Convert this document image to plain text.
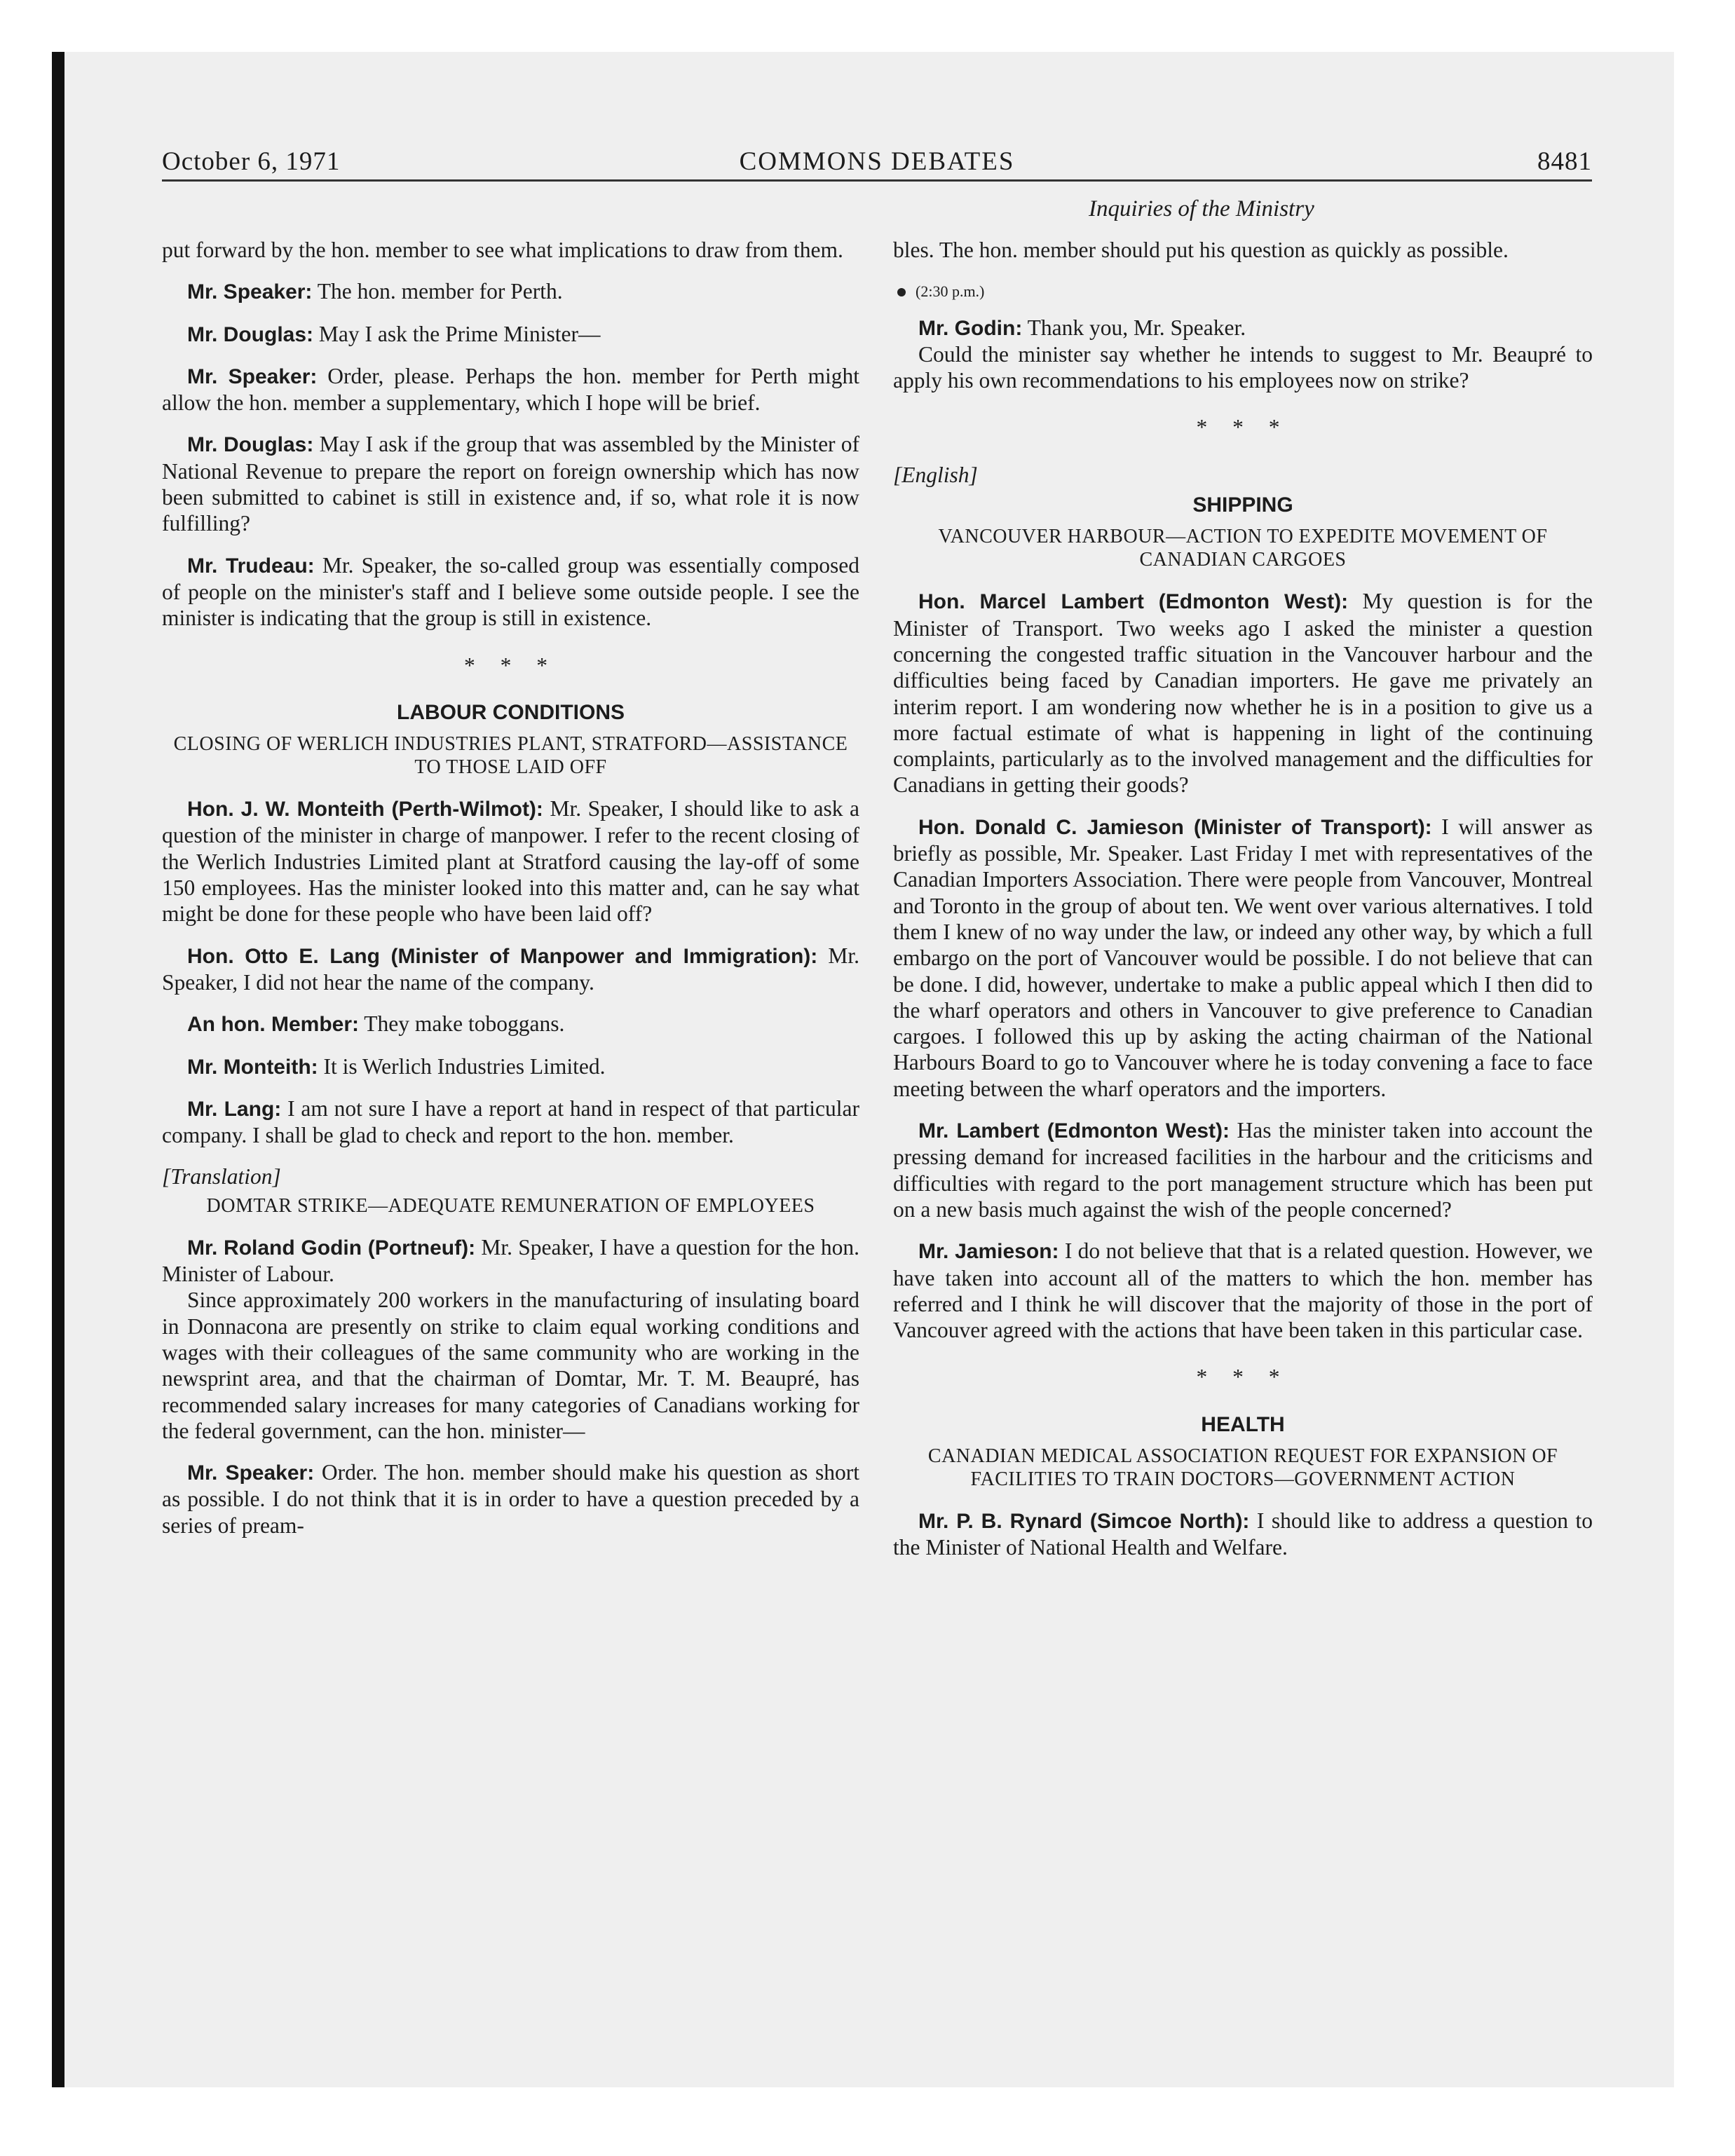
October 6, 1971	COMMONS DEBATES	8481
Inquiries of the Ministry

put forward by the hon. member to see what implications to draw from them.

Mr. Speaker: The hon. member for Perth.

Mr. Douglas: May I ask the Prime Minister—

Mr. Speaker: Order, please. Perhaps the hon. member for Perth might allow the hon. member a supplementary, which I hope will be brief.

Mr. Douglas: May I ask if the group that was assembled by the Minister of National Revenue to prepare the report on foreign ownership which has now been submitted to cabinet is still in existence and, if so, what role it is now fulfilling?

Mr. Trudeau: Mr. Speaker, the so-called group was essentially composed of people on the minister's staff and I believe some outside people. I see the minister is indicating that the group is still in existence.

* * *

LABOUR CONDITIONS

CLOSING OF WERLICH INDUSTRIES PLANT, STRATFORD—ASSISTANCE TO THOSE LAID OFF

Hon. J. W. Monteith (Perth-Wilmot): Mr. Speaker, I should like to ask a question of the minister in charge of manpower. I refer to the recent closing of the Werlich Industries Limited plant at Stratford causing the lay-off of some 150 employees. Has the minister looked into this matter and, can he say what might be done for these people who have been laid off?

Hon. Otto E. Lang (Minister of Manpower and Immigration): Mr. Speaker, I did not hear the name of the company.

An hon. Member: They make toboggans.

Mr. Monteith: It is Werlich Industries Limited.

Mr. Lang: I am not sure I have a report at hand in respect of that particular company. I shall be glad to check and report to the hon. member.

[Translation]

DOMTAR STRIKE—ADEQUATE REMUNERATION OF EMPLOYEES

Mr. Roland Godin (Portneuf): Mr. Speaker, I have a question for the hon. Minister of Labour.

Since approximately 200 workers in the manufacturing of insulating board in Donnacona are presently on strike to claim equal working conditions and wages with their colleagues of the same community who are working in the newsprint area, and that the chairman of Domtar, Mr. T. M. Beaupré, has recommended salary increases for many categories of Canadians working for the federal government, can the hon. minister—

Mr. Speaker: Order. The hon. member should make his question as short as possible. I do not think that it is in order to have a question preceded by a series of pream-

bles. The hon. member should put his question as quickly as possible.

(2:30 p.m.)

Mr. Godin: Thank you, Mr. Speaker.

Could the minister say whether he intends to suggest to Mr. Beaupré to apply his own recommendations to his employees now on strike?

* * *

[English]

SHIPPING

VANCOUVER HARBOUR—ACTION TO EXPEDITE MOVEMENT OF CANADIAN CARGOES

Hon. Marcel Lambert (Edmonton West): My question is for the Minister of Transport. Two weeks ago I asked the minister a question concerning the congested traffic situation in the Vancouver harbour and the difficulties being faced by Canadian importers. He gave me privately an interim report. I am wondering now whether he is in a position to give us a more factual estimate of what is happening in light of the continuing complaints, particularly as to the involved management and the difficulties for Canadians in getting their goods?

Hon. Donald C. Jamieson (Minister of Transport): I will answer as briefly as possible, Mr. Speaker. Last Friday I met with representatives of the Canadian Importers Association. There were people from Vancouver, Montreal and Toronto in the group of about ten. We went over various alternatives. I told them I knew of no way under the law, or indeed any other way, by which a full embargo on the port of Vancouver would be possible. I do not believe that can be done. I did, however, undertake to make a public appeal which I then did to the wharf operators and others in Vancouver to give preference to Canadian cargoes. I followed this up by asking the acting chairman of the National Harbours Board to go to Vancouver where he is today convening a face to face meeting between the wharf operators and the importers.

Mr. Lambert (Edmonton West): Has the minister taken into account the pressing demand for increased facilities in the harbour and the criticisms and difficulties with regard to the port management structure which has been put on a new basis much against the wish of the people concerned?

Mr. Jamieson: I do not believe that that is a related question. However, we have taken into account all of the matters to which the hon. member has referred and I think he will discover that the majority of those in the port of Vancouver agreed with the actions that have been taken in this particular case.

* * *

HEALTH

CANADIAN MEDICAL ASSOCIATION REQUEST FOR EXPANSION OF FACILITIES TO TRAIN DOCTORS—GOVERNMENT ACTION

Mr. P. B. Rynard (Simcoe North): I should like to address a question to the Minister of National Health and Welfare.
